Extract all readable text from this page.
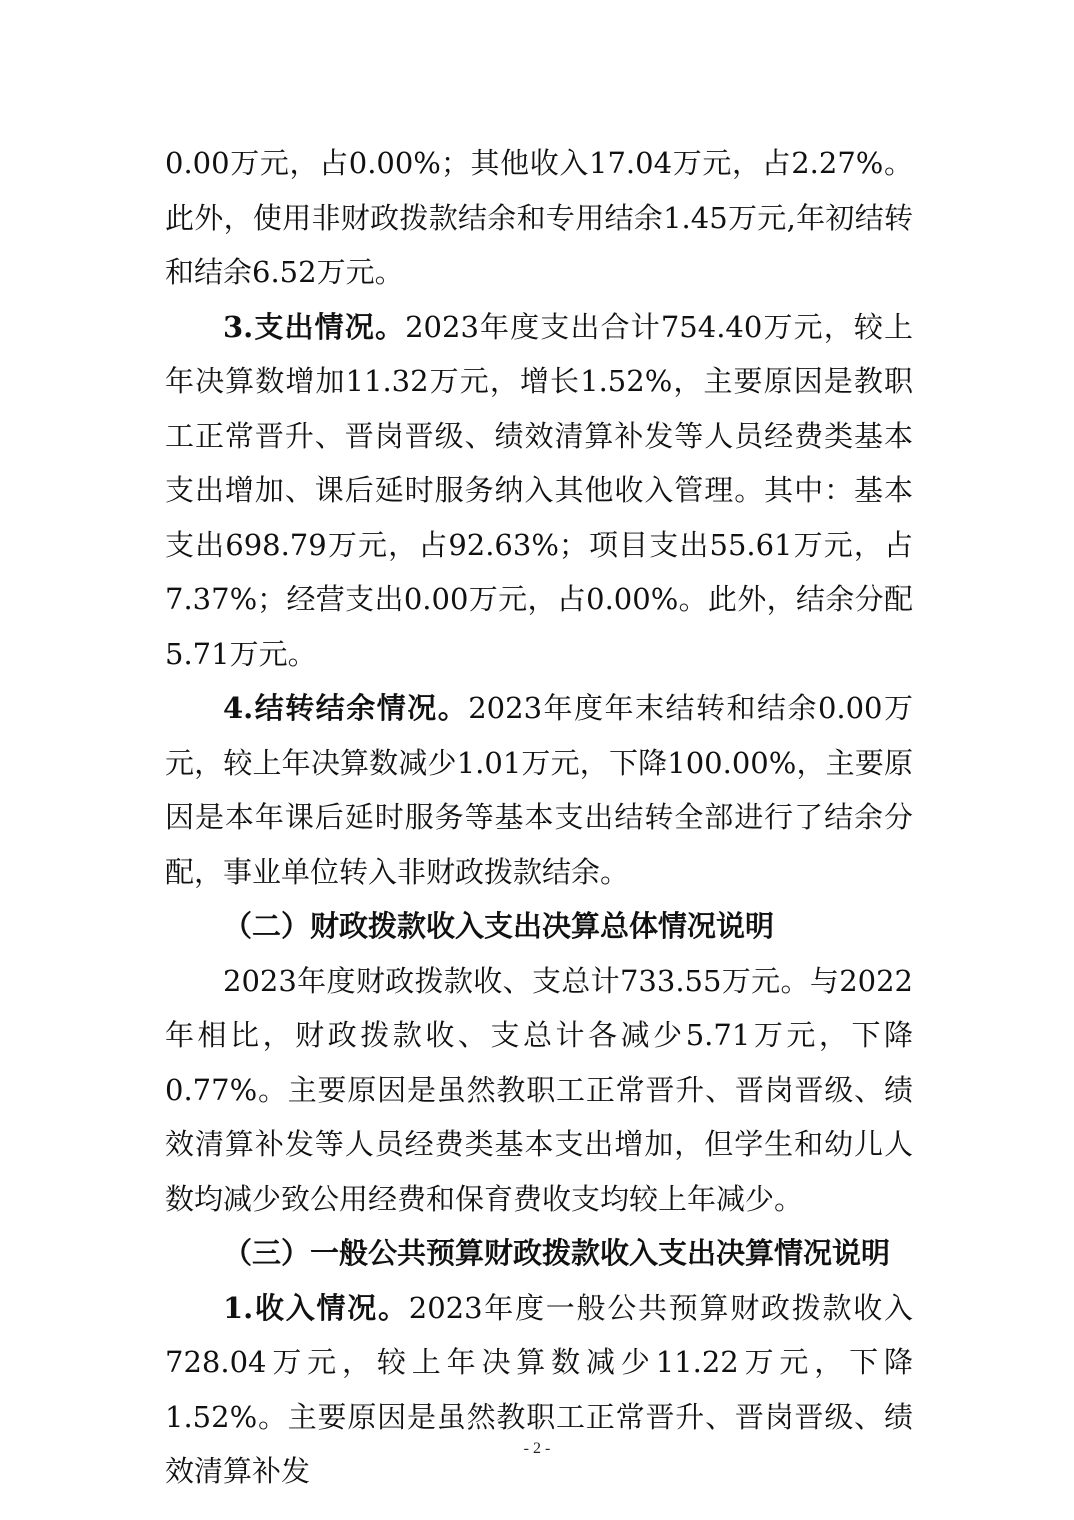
0.00万元，占0.00%；其他收入17.04万元，占2.27%。此外，使用非财政拨款结余和专用结余1.45万元,年初结转和结余6.52万元。

3.支出情况。2023年度支出合计754.40万元，较上年决算数增加11.32万元，增长1.52%，主要原因是教职工正常晋升、晋岗晋级、绩效清算补发等人员经费类基本支出增加、课后延时服务纳入其他收入管理。其中：基本支出698.79万元，占92.63%；项目支出55.61万元，占7.37%；经营支出0.00万元，占0.00%。此外，结余分配5.71万元。

4.结转结余情况。2023年度年末结转和结余0.00万元，较上年决算数减少1.01万元，下降100.00%，主要原因是本年课后延时服务等基本支出结转全部进行了结余分配，事业单位转入非财政拨款结余。

（二）财政拨款收入支出决算总体情况说明

2023年度财政拨款收、支总计733.55万元。与2022年相比，财政拨款收、支总计各减少5.71万元，下降0.77%。主要原因是虽然教职工正常晋升、晋岗晋级、绩效清算补发等人员经费类基本支出增加，但学生和幼儿人数均减少致公用经费和保育费收支均较上年减少。

（三）一般公共预算财政拨款收入支出决算情况说明

1.收入情况。2023年度一般公共预算财政拨款收入728.04万元，较上年决算数减少11.22万元，下降1.52%。主要原因是虽然教职工正常晋升、晋岗晋级、绩效清算补发

- 2 -
